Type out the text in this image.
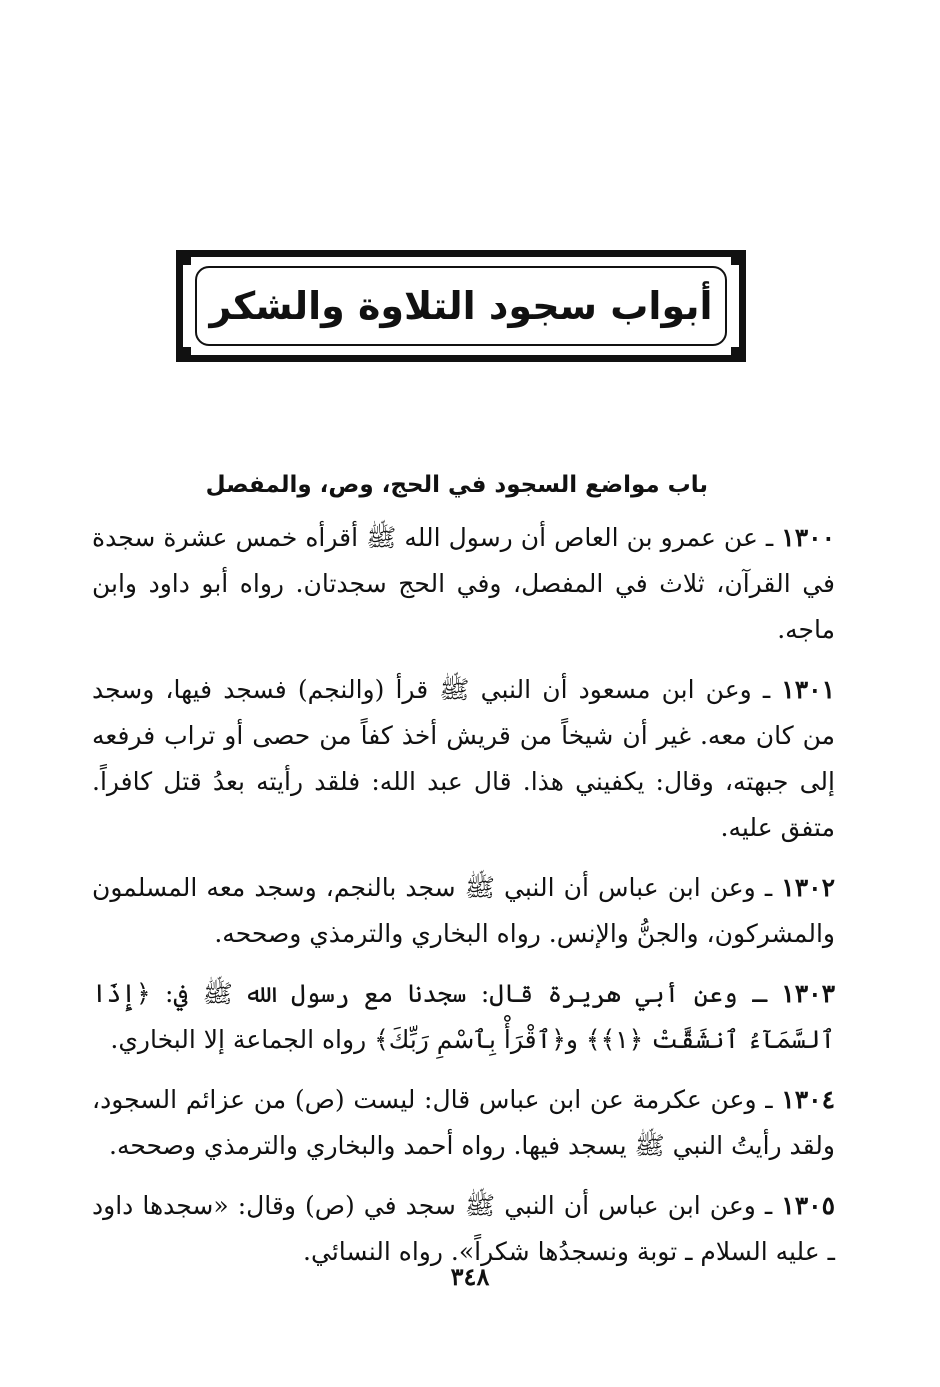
أبواب سجود التلاوة والشكر
باب مواضع السجود في الحج، وص، والمفصل

١٣٠٠ ـ عن عمرو بن العاص أن رسول الله ﷺ أقرأه خمس عشرة سجدة في القرآن، ثلاث في المفصل، وفي الحج سجدتان. رواه أبو داود وابن ماجه.

١٣٠١ ـ وعن ابن مسعود أن النبي ﷺ قرأ (والنجم) فسجد فيها، وسجد من كان معه. غير أن شيخاً من قريش أخذ كفاً من حصى أو تراب فرفعه إلى جبهته، وقال: يكفيني هذا. قال عبد الله: فلقد رأيته بعدُ قتل كافراً. متفق عليه.

١٣٠٢ ـ وعن ابن عباس أن النبي ﷺ سجد بالنجم، وسجد معه المسلمون والمشركون، والجنُّ والإنس. رواه البخاري والترمذي وصححه.

١٣٠٣ ـ وعن أبي هريرة قال: سجدنا مع رسول الله ﷺ في: ﴿إِذَا ٱلسَّمَآءُ ٱنشَقَّتْ ﴿١﴾﴾ و﴿ٱقْرَأْ بِٱسْمِ رَبِّكَ﴾ رواه الجماعة إلا البخاري.

١٣٠٤ ـ وعن عكرمة عن ابن عباس قال: ليست (ص) من عزائم السجود، ولقد رأيتُ النبي ﷺ يسجد فيها. رواه أحمد والبخاري والترمذي وصححه.

١٣٠٥ ـ وعن ابن عباس أن النبي ﷺ سجد في (ص) وقال: «سجدها داود ـ عليه السلام ـ توبة ونسجدُها شكراً». رواه النسائي.

٣٤٨
